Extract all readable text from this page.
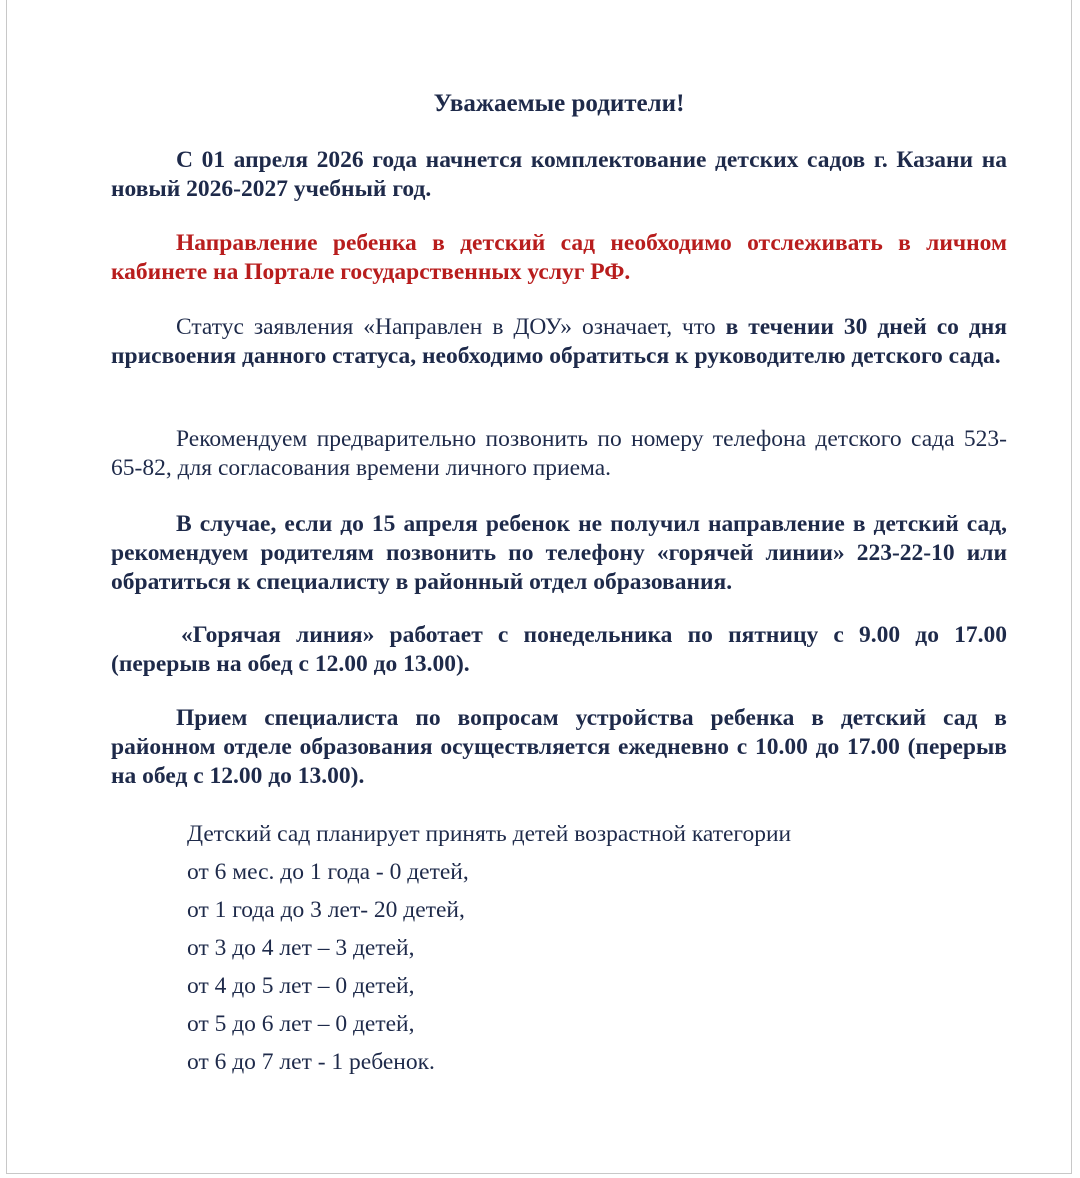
Уважаемые родители!

С 01 апреля 2026 года начнется комплектование детских садов г. Казани на новый 2026-2027 учебный год.

Направление ребенка в детский сад необходимо отслеживать в личном кабинете на Портале государственных услуг РФ.

Статус заявления «Направлен в ДОУ» означает, что в течении 30 дней со дня присвоения данного статуса, необходимо обратиться к руководителю детского сада.

Рекомендуем предварительно позвонить по номеру телефона детского сада 523-65-82, для согласования времени личного приема.

В случае, если до 15 апреля ребенок не получил направление в детский сад, рекомендуем родителям позвонить по телефону «горячей линии» 223-22-10 или обратиться к специалисту в районный отдел образования.

«Горячая линия» работает с понедельника по пятницу с 9.00 до 17.00 (перерыв на обед с 12.00 до 13.00).

Прием специалиста по вопросам устройства ребенка в детский сад в районном отделе образования осуществляется ежедневно с 10.00 до 17.00 (перерыв на обед с 12.00 до 13.00).

Детский сад планирует принять детей возрастной категории
от 6 мес. до 1 года - 0 детей,
от 1 года до 3 лет- 20 детей,
от 3 до 4 лет – 3 детей,
от 4 до 5 лет – 0 детей,
от 5 до 6 лет – 0 детей,
от 6 до 7 лет - 1 ребенок.
